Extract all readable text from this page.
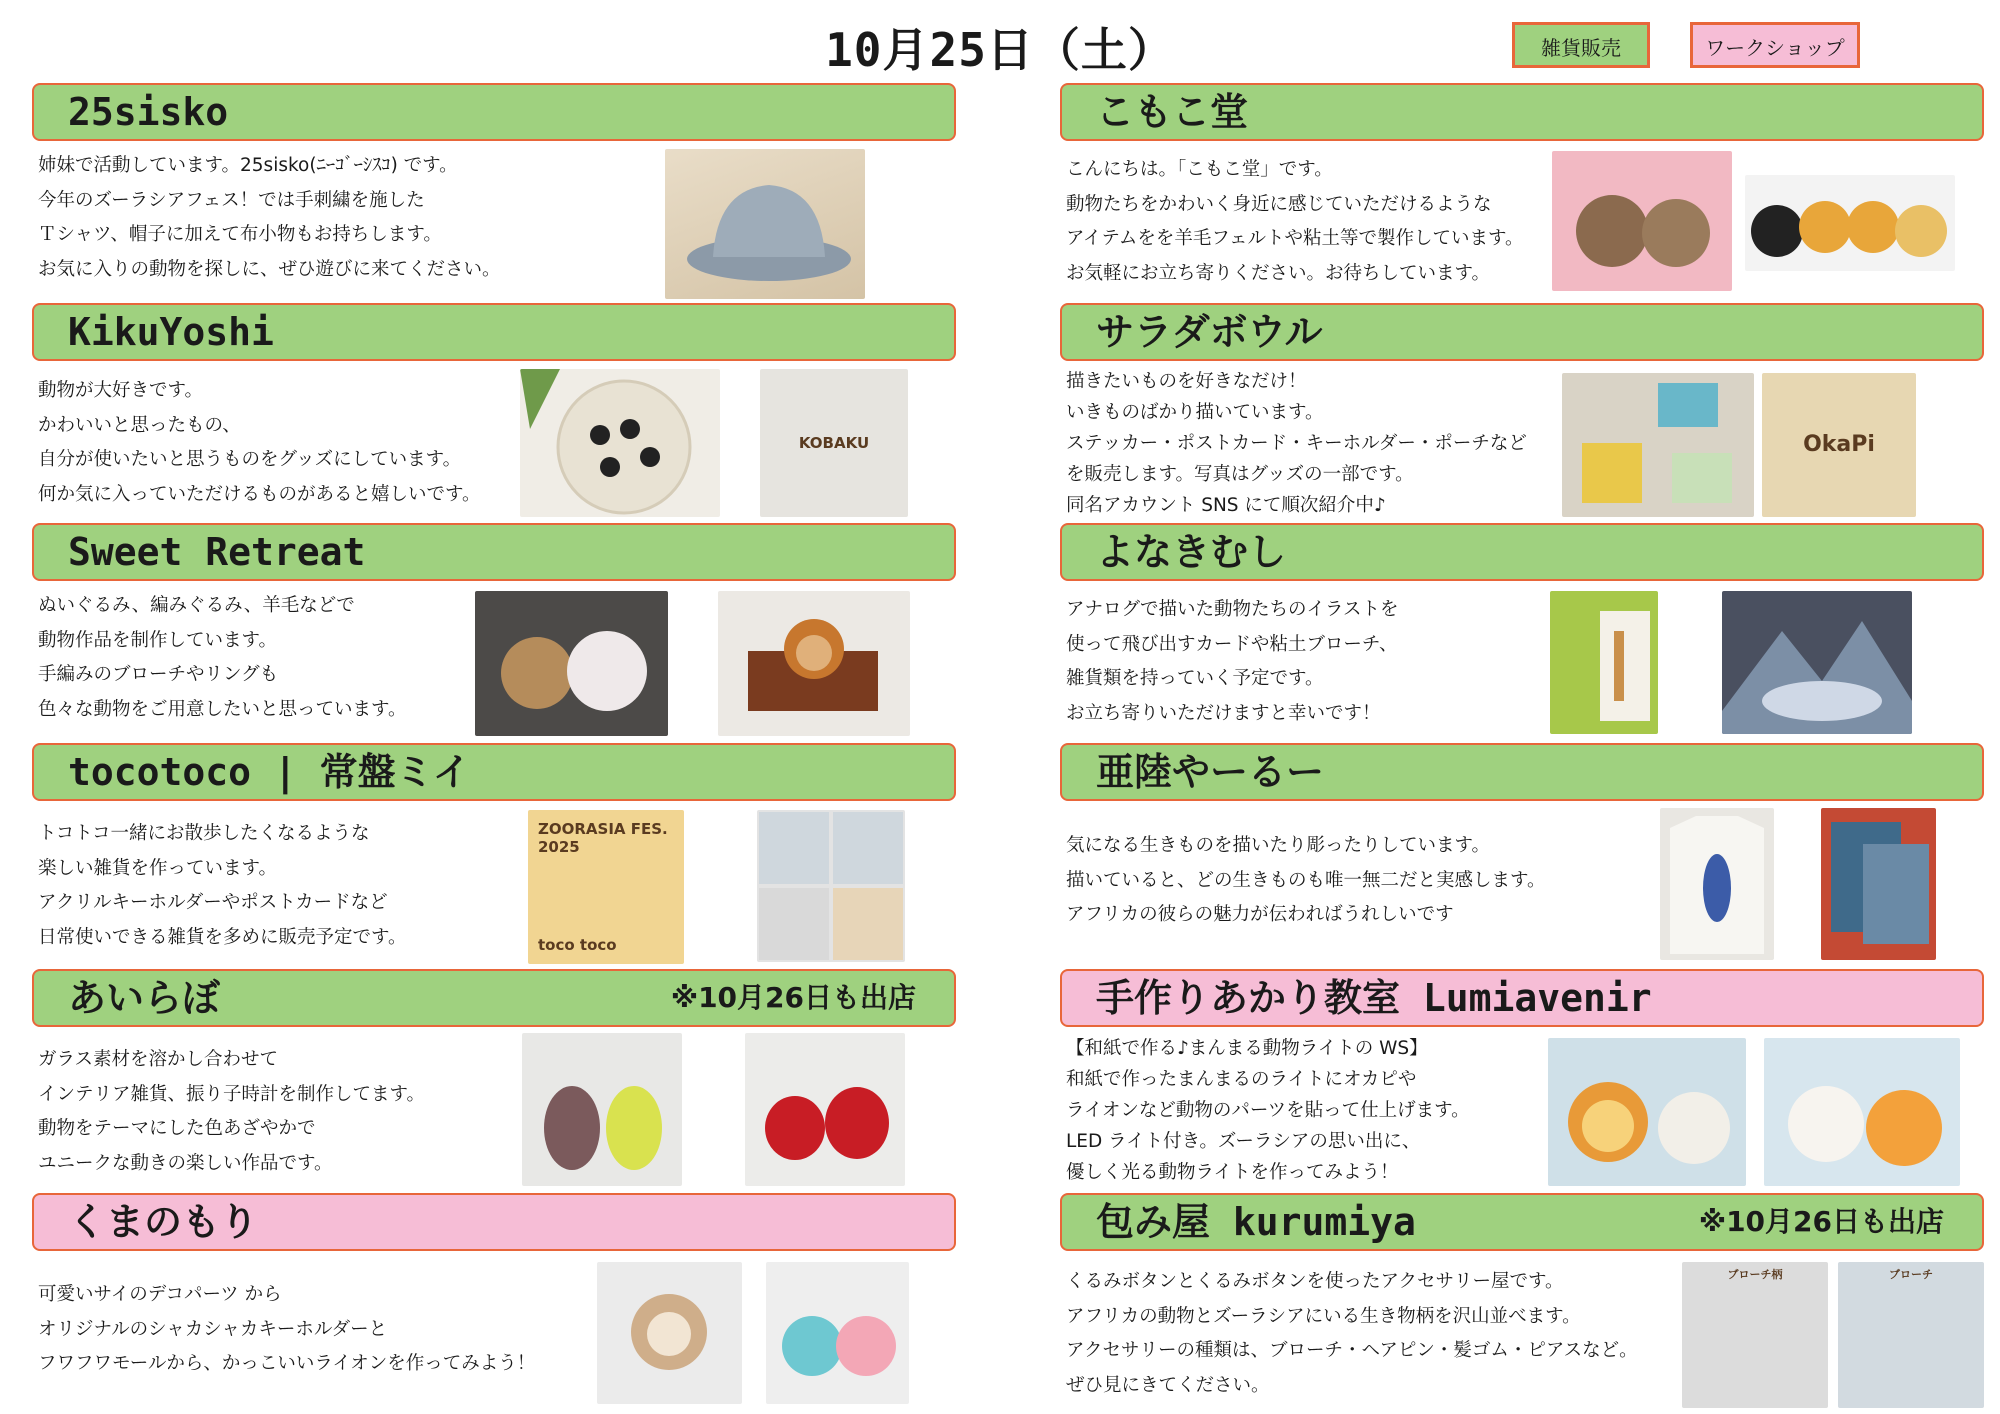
10月25日（土）	雑貨販売	ワークショップ
25sisko
姉妹で活動しています。25sisko(ﾆｰｺﾞｰｼｽｺ) です。
今年のズーラシアフェス！では手刺繍を施した
Ｔシャツ、帽子に加えて布小物もお持ちします。
お気に入りの動物を探しに、ぜひ遊びに来てください。
KikuYoshi
動物が大好きです。
かわいいと思ったもの、
自分が使いたいと思うものをグッズにしています。
何か気に入っていただけるものがあると嬉しいです。
KOBAKU
Sweet Retreat
ぬいぐるみ、編みぐるみ、羊毛などで
動物作品を制作しています。
手編みのブローチやリングも
色々な動物をご用意したいと思っています。
tocotoco | 常盤ミイ
トコトコ一緒にお散歩したくなるような
楽しい雑貨を作っています。
アクリルキーホルダーやポストカードなど
日常使いできる雑貨を多めに販売予定です。
ZOORASIA FES. 2025
toco toco
あいらぼ	※10月26日も出店
ガラス素材を溶かし合わせて
インテリア雑貨、振り子時計を制作してます。
動物をテーマにした色あざやかで
ユニークな動きの楽しい作品です。
くまのもり
可愛いサイのデコパーツ から
オリジナルのシャカシャカキーホルダーと
フワフワモールから、かっこいいライオンを作ってみよう！
こもこ堂
こんにちは。「こもこ堂」です。
動物たちをかわいく身近に感じていただけるような
アイテムをを羊毛フェルトや粘土等で製作しています。
お気軽にお立ち寄りください。お待ちしています。
サラダボウル
描きたいものを好きなだけ！
いきものばかり描いています。
ステッカー・ポストカード・キーホルダー・ポーチなど
を販売します。写真はグッズの一部です。
同名アカウント SNS にて順次紹介中♪
OkaPi
よなきむし
アナログで描いた動物たちのイラストを
使って飛び出すカードや粘土ブローチ、
雑貨類を持っていく予定です。
お立ち寄りいただけますと幸いです！
亜陸やーるー
気になる生きものを描いたり彫ったりしています。
描いていると、どの生きものも唯一無二だと実感します。
アフリカの彼らの魅力が伝わればうれしいです
手作りあかり教室 Lumiavenir
【和紙で作る♪まんまる動物ライトの WS】
和紙で作ったまんまるのライトにオカピや
ライオンなど動物のパーツを貼って仕上げます。
LED ライト付き。ズーラシアの思い出に、
優しく光る動物ライトを作ってみよう！
包み屋 kurumiya	※10月26日も出店
くるみボタンとくるみボタンを使ったアクセサリー屋です。
アフリカの動物とズーラシアにいる生き物柄を沢山並べます。
アクセサリーの種類は、ブローチ・ヘアピン・髪ゴム・ピアスなど。
ぜひ見にきてください。
ブローチ柄	ブローチ
